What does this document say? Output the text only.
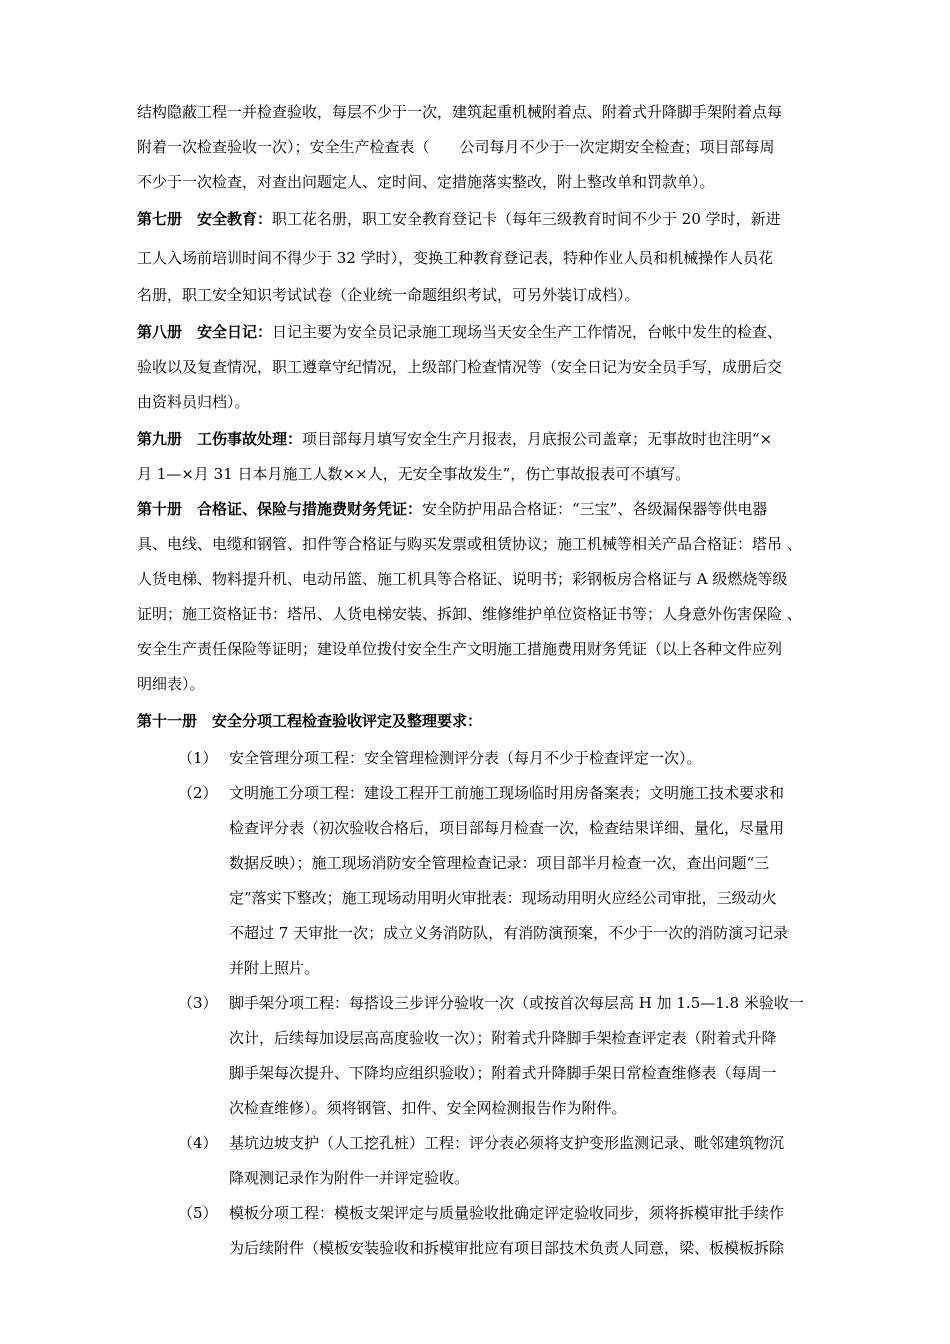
结构隐蔽工程一并检查验收，每层不少于一次，建筑起重机械附着点、附着式升降脚手架附着点每
附着一次检查验收一次）；安全生产检查表（　　公司每月不少于一次定期安全检查；项目部每周
不少于一次检查，对查出问题定人、定时间、定措施落实整改，附上整改单和罚款单）。
第七册　安全教育：职工花名册，职工安全教育登记卡（每年三级教育时间不少于 20 学时，新进
工人入场前培训时间不得少于 32 学时），变换工种教育登记表，特种作业人员和机械操作人员花
名册，职工安全知识考试试卷（企业统一命题组织考试，可另外装订成档）。
第八册　安全日记：日记主要为安全员记录施工现场当天安全生产工作情况，台帐中发生的检查、
验收以及复查情况，职工遵章守纪情况，上级部门检查情况等（安全日记为安全员手写，成册后交
由资料员归档）。
第九册　工伤事故处理：项目部每月填写安全生产月报表，月底报公司盖章；无事故时也注明“×
月 1—×月 31 日本月施工人数××人，无安全事故发生”，伤亡事故报表可不填写。
第十册　合格证、保险与措施费财务凭证：安全防护用品合格证：“三宝”、各级漏保器等供电器
具、电线、电缆和钢管、扣件等合格证与购买发票或租赁协议；施工机械等相关产品合格证：塔吊 、
人货电梯、物料提升机、电动吊篮、施工机具等合格证、说明书；彩钢板房合格证与 A 级燃烧等级
证明；施工资格证书：塔吊、人货电梯安装、拆卸、维修维护单位资格证书等；人身意外伤害保险 、
安全生产责任保险等证明；建设单位拨付安全生产文明施工措施费用财务凭证（以上各种文件应列
明细表）。
第十一册　安全分项工程检查验收评定及整理要求：
（1） 安全管理分项工程：安全管理检测评分表（每月不少于检查评定一次）。
（2） 文明施工分项工程：建设工程开工前施工现场临时用房备案表；文明施工技术要求和
检查评分表（初次验收合格后，项目部每月检查一次，检查结果详细、量化，尽量用
数据反映）；施工现场消防安全管理检查记录：项目部半月检查一次，查出问题“三
定”落实下整改；施工现场动用明火审批表：现场动用明火应经公司审批，三级动火
不超过 7 天审批一次；成立义务消防队，有消防演预案，不少于一次的消防演习记录
并附上照片。
（3） 脚手架分项工程：每搭设三步评分验收一次（或按首次每层高 H 加 1.5—1.8 米验收一
次计，后续每加设层高高度验收一次）；附着式升降脚手架检查评定表（附着式升降
脚手架每次提升、下降均应组织验收）；附着式升降脚手架日常检查维修表（每周一
次检查维修）。须将钢管、扣件、安全网检测报告作为附件。
（4） 基坑边坡支护（人工挖孔桩）工程：评分表必须将支护变形监测记录、毗邻建筑物沉
降观测记录作为附件一并评定验收。
（5） 模板分项工程：模板支架评定与质量验收批确定评定验收同步，须将拆模审批手续作
为后续附件（模板安装验收和拆模审批应有项目部技术负责人同意，梁、板模板拆除
